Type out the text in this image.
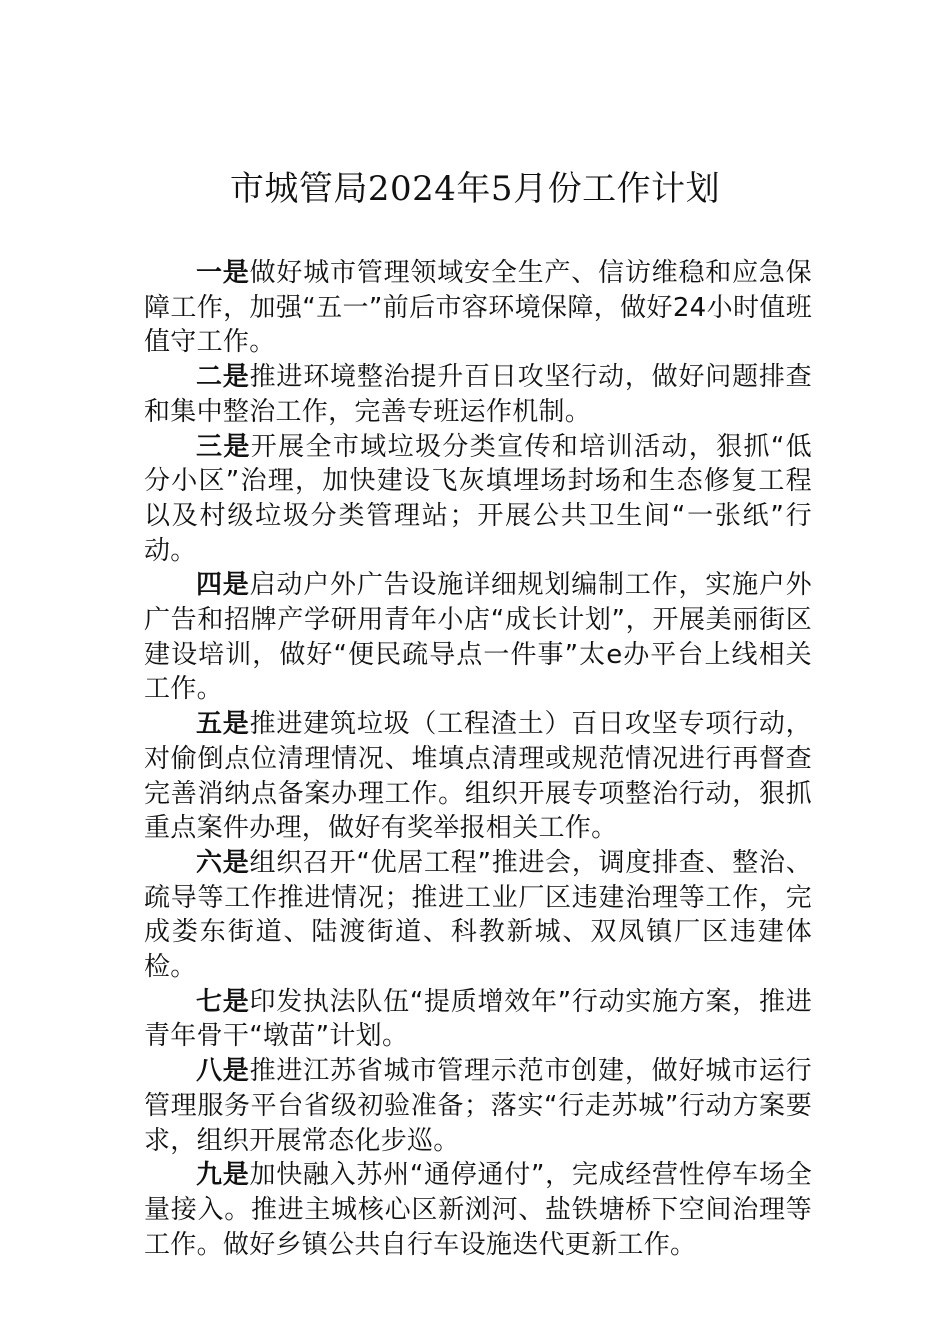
市城管局2024年5月份工作计划

一是做好城市管理领域安全生产、信访维稳和应急保障工作，加强“五一”前后市容环境保障，做好24小时值班值守工作。

二是推进环境整治提升百日攻坚行动，做好问题排查和集中整治工作，完善专班运作机制。

三是开展全市域垃圾分类宣传和培训活动，狠抓“低分小区”治理，加快建设飞灰填埋场封场和生态修复工程以及村级垃圾分类管理站；开展公共卫生间“一张纸”行动。

四是启动户外广告设施详细规划编制工作，实施户外广告和招牌产学研用青年小店“成长计划”，开展美丽街区建设培训，做好“便民疏导点一件事”太e办平台上线相关工作。

五是推进建筑垃圾（工程渣土）百日攻坚专项行动，对偷倒点位清理情况、堆填点清理或规范情况进行再督查完善消纳点备案办理工作。组织开展专项整治行动，狠抓重点案件办理，做好有奖举报相关工作。

六是组织召开“优居工程”推进会，调度排查、整治、疏导等工作推进情况；推进工业厂区违建治理等工作，完成娄东街道、陆渡街道、科教新城、双凤镇厂区违建体检。

七是印发执法队伍“提质增效年”行动实施方案，推进青年骨干“墩苗”计划。

八是推进江苏省城市管理示范市创建，做好城市运行管理服务平台省级初验准备；落实“行走苏城”行动方案要求，组织开展常态化步巡。

九是加快融入苏州“通停通付”，完成经营性停车场全量接入。推进主城核心区新浏河、盐铁塘桥下空间治理等工作。做好乡镇公共自行车设施迭代更新工作。
